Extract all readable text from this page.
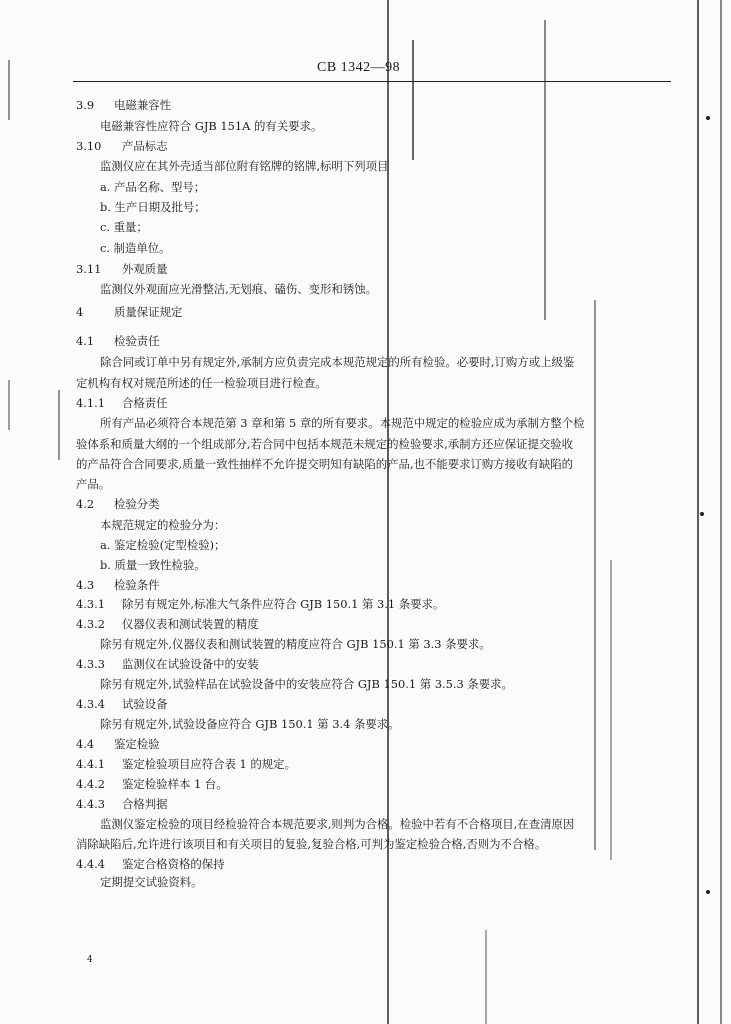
CB 1342—98
3.9 电磁兼容性
电磁兼容性应符合 GJB 151A 的有关要求。
3.10 产品标志
监测仪应在其外壳适当部位附有铭牌的铭牌,标明下列项目
a. 产品名称、型号；
b. 生产日期及批号；
c. 重量；
c. 制造单位。
3.11 外观质量
监测仪外观面应光滑整洁,无划痕、磕伤、变形和锈蚀。
4	质量保证规定
4.1 检验责任
除合同或订单中另有规定外,承制方应负责完成本规范规定的所有检验。必要时,订购方或上级鉴
定机构有权对规范所述的任一检验项目进行检查。
4.1.1 合格责任
所有产品必须符合本规范第 3 章和第 5 章的所有要求。本规范中规定的检验应成为承制方整个检
验体系和质量大纲的一个组成部分,若合同中包括本规范未规定的检验要求,承制方还应保证提交验收
的产品符合合同要求,质量一致性抽样不允许提交明知有缺陷的产品,也不能要求订购方接收有缺陷的
产品。
4.2 检验分类
本规范规定的检验分为：
a. 鉴定检验(定型检验)；
b. 质量一致性检验。
4.3 检验条件
4.3.1 除另有规定外,标准大气条件应符合 GJB 150.1 第 3.1 条要求。
4.3.2 仪器仪表和测试装置的精度
除另有规定外,仪器仪表和测试装置的精度应符合 GJB 150.1 第 3.3 条要求。
4.3.3 监测仪在试验设备中的安装
除另有规定外,试验样品在试验设备中的安装应符合 GJB 150.1 第 3.5.3 条要求。
4.3.4 试验设备
除另有规定外,试验设备应符合 GJB 150.1 第 3.4 条要求。
4.4 鉴定检验
4.4.1 鉴定检验项目应符合表 1 的规定。
4.4.2 鉴定检验样本 1 台。
4.4.3 合格判据
监测仪鉴定检验的项目经检验符合本规范要求,则判为合格。检验中若有不合格项目,在查清原因
消除缺陷后,允许进行该项目和有关项目的复验,复验合格,可判为鉴定检验合格,否则为不合格。
4.4.4 鉴定合格资格的保持
定期提交试验资料。
4
